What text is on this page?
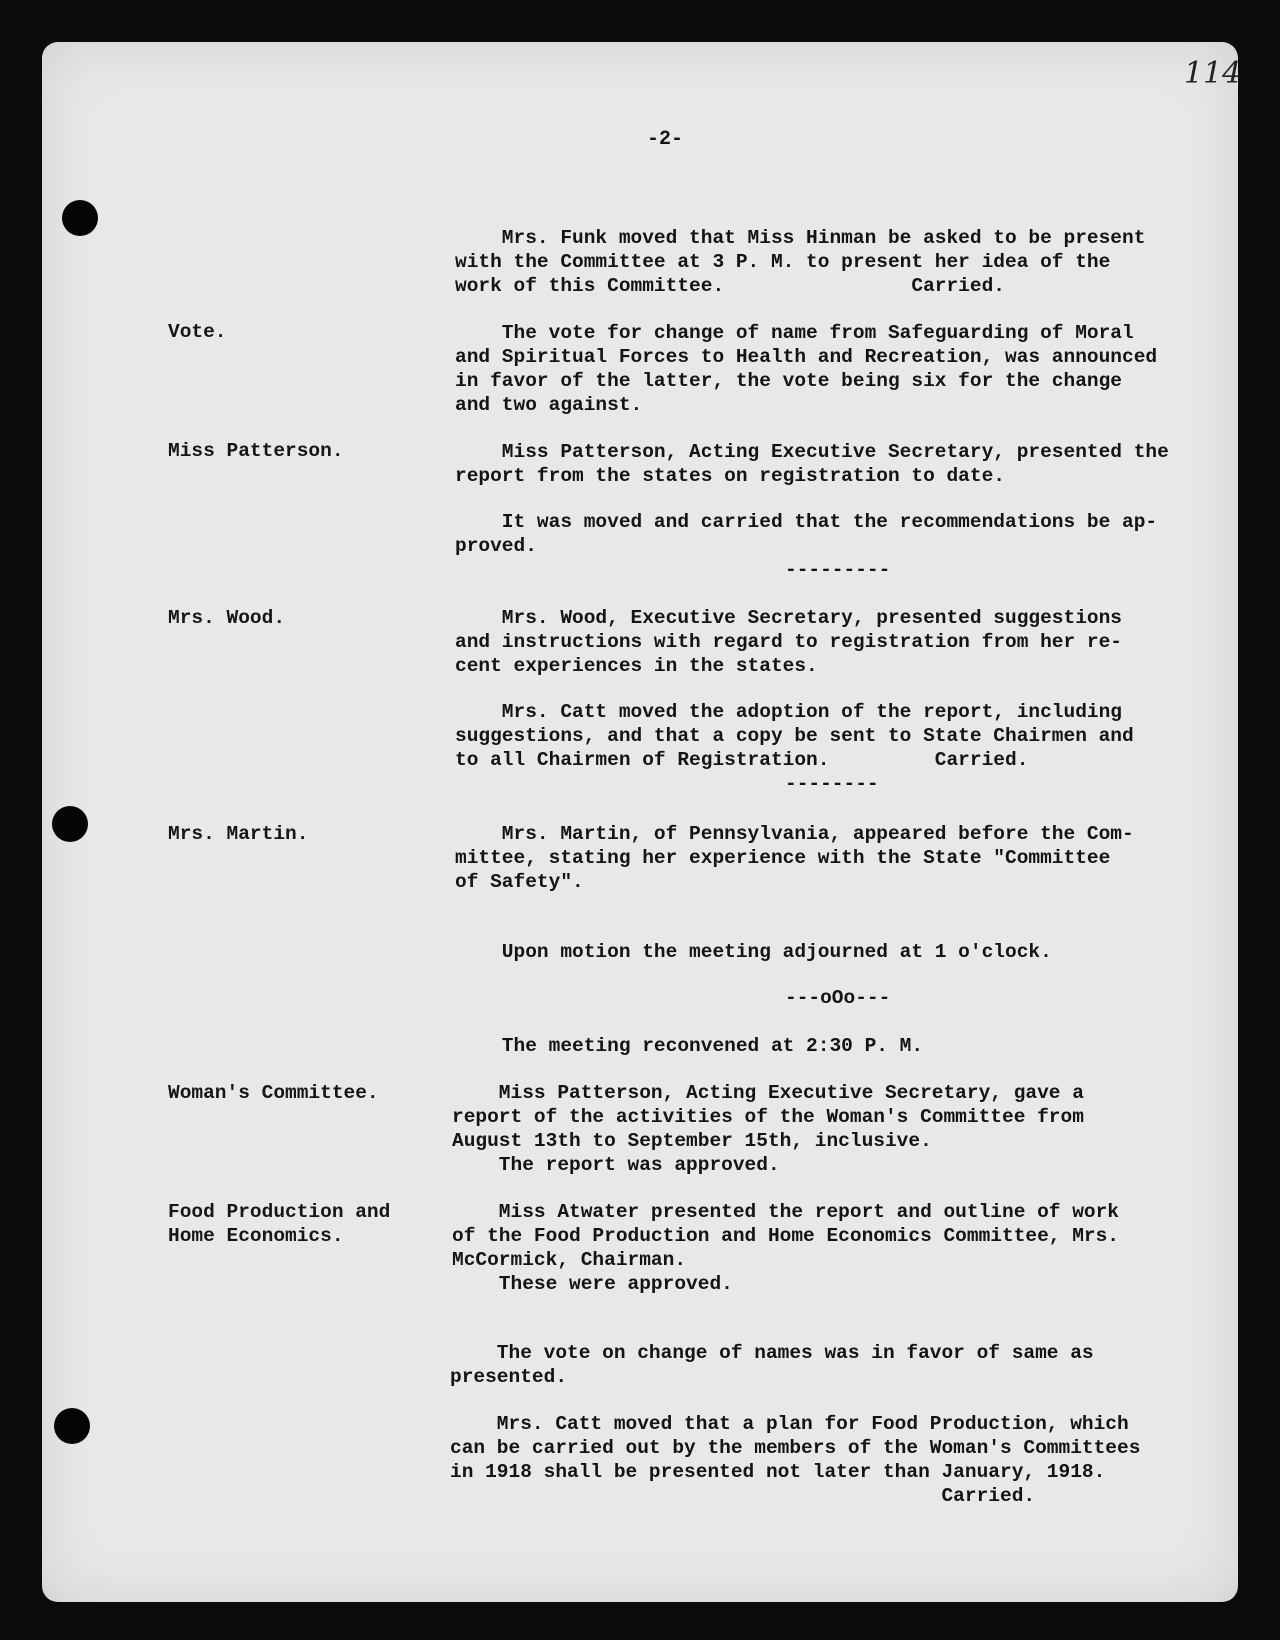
114
-2-
Vote.
Miss Patterson.
Mrs. Wood.
Mrs. Martin.
Woman's Committee.
Food Production and
Home Economics.
Mrs. Funk moved that Miss Hinman be asked to be present
with the Committee at 3 P. M. to present her idea of the
work of this Committee.                Carried.
The vote for change of name from Safeguarding of Moral
and Spiritual Forces to Health and Recreation, was announced
in favor of the latter, the vote being six for the change
and two against.
Miss Patterson, Acting Executive Secretary, presented the
report from the states on registration to date.
It was moved and carried that the recommendations be ap-
proved.
---------
Mrs. Wood, Executive Secretary, presented suggestions
and instructions with regard to registration from her re-
cent experiences in the states.
Mrs. Catt moved the adoption of the report, including
suggestions, and that a copy be sent to State Chairmen and
to all Chairmen of Registration.         Carried.
--------
Mrs. Martin, of Pennsylvania, appeared before the Com-
mittee, stating her experience with the State "Committee
of Safety".
Upon motion the meeting adjourned at 1 o'clock.
---oOo---
The meeting reconvened at 2:30 P. M.
Miss Patterson, Acting Executive Secretary, gave a
report of the activities of the Woman's Committee from
August 13th to September 15th, inclusive.
The report was approved.
Miss Atwater presented the report and outline of work
of the Food Production and Home Economics Committee, Mrs.
McCormick, Chairman.
These were approved.
The vote on change of names was in favor of same as
presented.
Mrs. Catt moved that a plan for Food Production, which
can be carried out by the members of the Woman's Committees
in 1918 shall be presented not later than January, 1918.
Carried.
